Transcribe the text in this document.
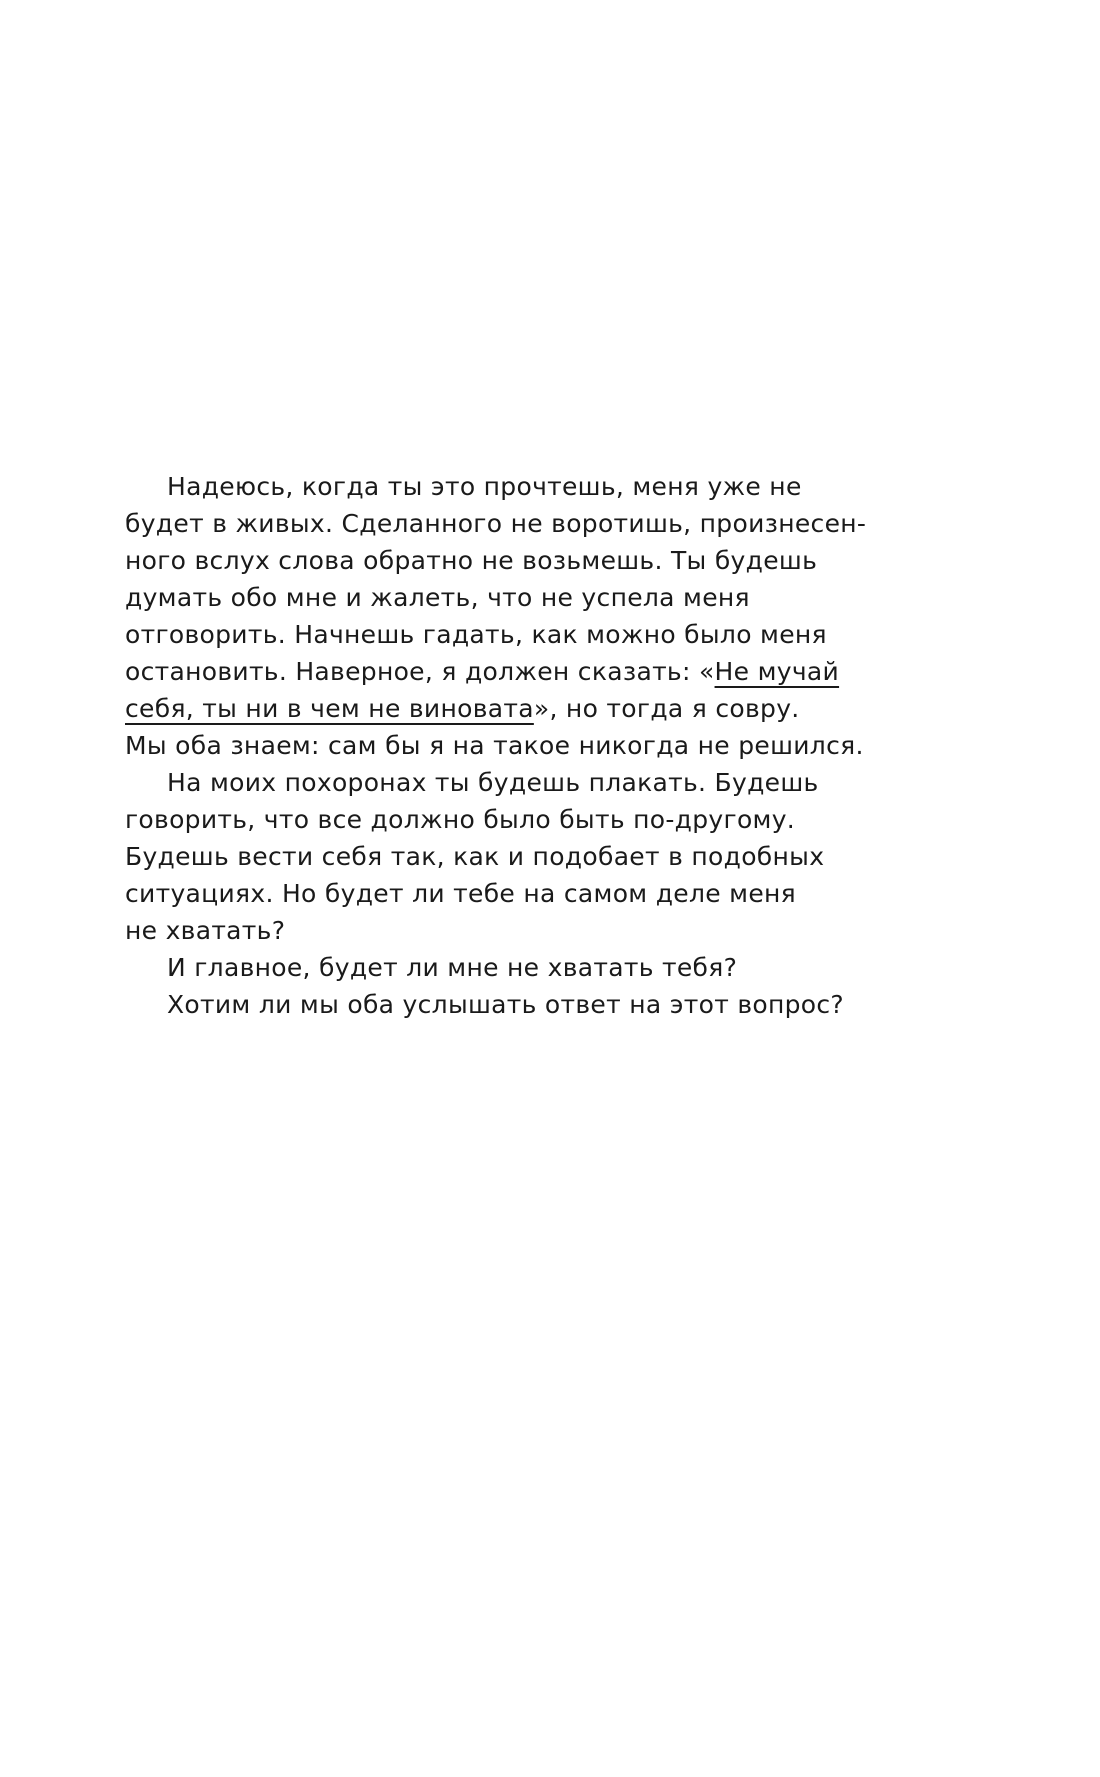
Надеюсь, когда ты это прочтешь, меня уже не
будет в живых. Сделанного не воротишь, произнесен-
ного вслух слова обратно не возьмешь. Ты будешь
думать обо мне и жалеть, что не успела меня
отговорить. Начнешь гадать, как можно было меня
остановить. Наверное, я должен сказать: «Не мучай
себя, ты ни в чем не виновата», но тогда я совру.
Мы оба знаем: сам бы я на такое никогда не решился.
На моих похоронах ты будешь плакать. Будешь
говорить, что все должно было быть по-другому.
Будешь вести себя так, как и подобает в подобных
ситуациях. Но будет ли тебе на самом деле меня
не хватать?
И главное, будет ли мне не хватать тебя?
Хотим ли мы оба услышать ответ на этот вопрос?
